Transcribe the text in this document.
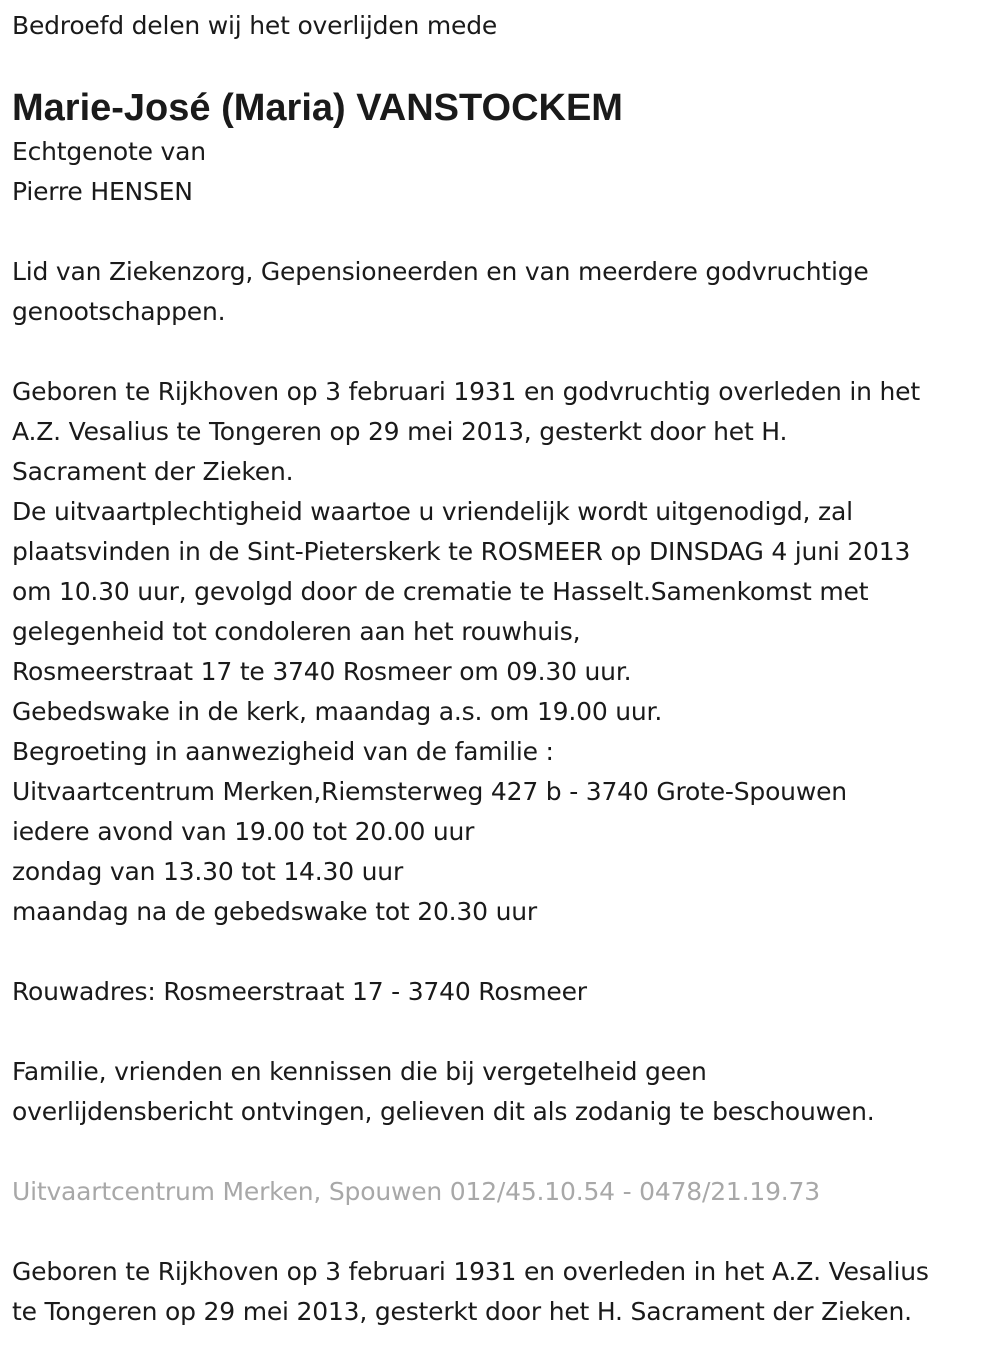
Bedroefd delen wij het overlijden mede
Marie-José (Maria) VANSTOCKEM
Echtgenote van
Pierre HENSEN
Lid van Ziekenzorg, Gepensioneerden en van meerdere godvruchtige
genootschappen.
Geboren te Rijkhoven op 3 februari 1931 en godvruchtig overleden in het
A.Z. Vesalius te Tongeren op 29 mei 2013, gesterkt door het H.
Sacrament der Zieken.
De uitvaartplechtigheid waartoe u vriendelijk wordt uitgenodigd, zal
plaatsvinden in de Sint-Pieterskerk te ROSMEER op DINSDAG 4 juni 2013
om 10.30 uur, gevolgd door de crematie te Hasselt.Samenkomst met
gelegenheid tot condoleren aan het rouwhuis,
Rosmeerstraat 17 te 3740 Rosmeer om 09.30 uur.
Gebedswake in de kerk, maandag a.s. om 19.00 uur.
Begroeting in aanwezigheid van de familie :
Uitvaartcentrum Merken,Riemsterweg 427 b - 3740 Grote-Spouwen
iedere avond van 19.00 tot 20.00 uur
zondag van 13.30 tot 14.30 uur
maandag na de gebedswake tot 20.30 uur
Rouwadres: Rosmeerstraat 17 - 3740 Rosmeer
Familie, vrienden en kennissen die bij vergetelheid geen
overlijdensbericht ontvingen, gelieven dit als zodanig te beschouwen.
Uitvaartcentrum Merken, Spouwen 012/45.10.54 - 0478/21.19.73
Geboren te Rijkhoven op 3 februari 1931 en overleden in het A.Z. Vesalius
te Tongeren op 29 mei 2013, gesterkt door het H. Sacrament der Zieken.
